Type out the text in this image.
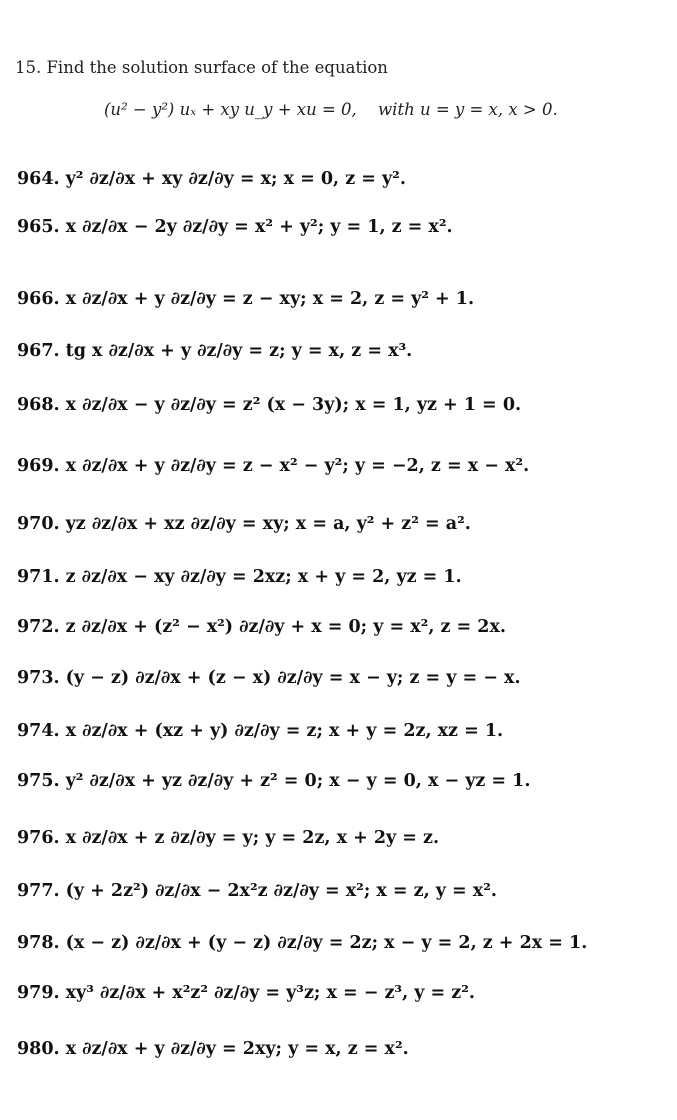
15. Find the solution surface of the equation
(u² − y²) uₓ + xy u_y + xu = 0, with u = y = x, x > 0.
964. y² ∂z/∂x + xy ∂z/∂y = x; x = 0, z = y².
965. x ∂z/∂x − 2y ∂z/∂y = x² + y²; y = 1, z = x².
966. x ∂z/∂x + y ∂z/∂y = z − xy; x = 2, z = y² + 1.
967. tg x ∂z/∂x + y ∂z/∂y = z; y = x, z = x³.
968. x ∂z/∂x − y ∂z/∂y = z² (x − 3y); x = 1, yz + 1 = 0.
969. x ∂z/∂x + y ∂z/∂y = z − x² − y²; y = −2, z = x − x².
970. yz ∂z/∂x + xz ∂z/∂y = xy; x = a, y² + z² = a².
971. z ∂z/∂x − xy ∂z/∂y = 2xz; x + y = 2, yz = 1.
972. z ∂z/∂x + (z² − x²) ∂z/∂y + x = 0; y = x², z = 2x.
973. (y − z) ∂z/∂x + (z − x) ∂z/∂y = x − y; z = y = − x.
974. x ∂z/∂x + (xz + y) ∂z/∂y = z; x + y = 2z, xz = 1.
975. y² ∂z/∂x + yz ∂z/∂y + z² = 0; x − y = 0, x − yz = 1.
976. x ∂z/∂x + z ∂z/∂y = y; y = 2z, x + 2y = z.
977. (y + 2z²) ∂z/∂x − 2x²z ∂z/∂y = x²; x = z, y = x².
978. (x − z) ∂z/∂x + (y − z) ∂z/∂y = 2z; x − y = 2, z + 2x = 1.
979. xy³ ∂z/∂x + x²z² ∂z/∂y = y³z; x = − z³, y = z².
980. x ∂z/∂x + y ∂z/∂y = 2xy; y = x, z = x².
